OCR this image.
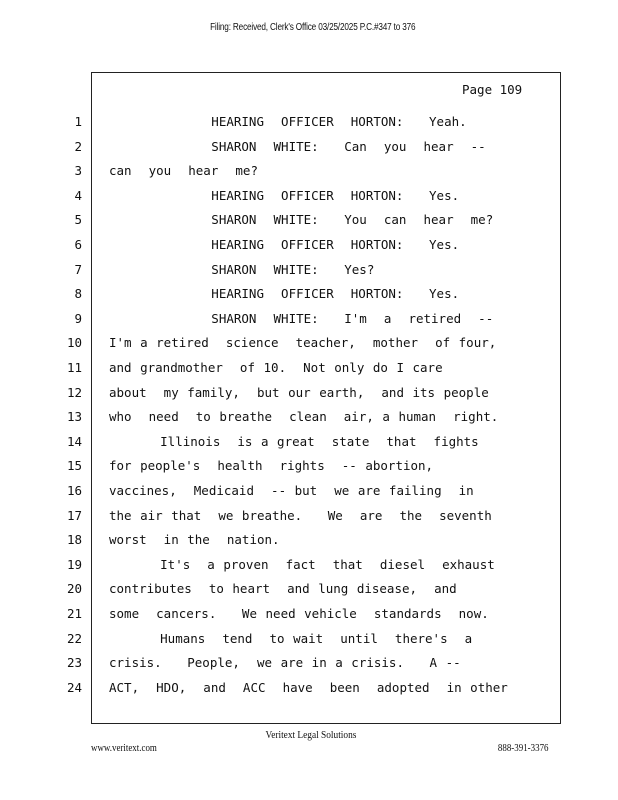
Filing: Received, Clerk's Office 03/25/2025 P.C.#347 to 376
Page 109
1 HEARING  OFFICER  HORTON:   Yeah.
2 SHARON  WHITE:   Can  you  hear  --
3 can  you  hear  me?
4 HEARING  OFFICER  HORTON:   Yes.
5 SHARON  WHITE:   You  can  hear  me?
6 HEARING  OFFICER  HORTON:   Yes.
7 SHARON  WHITE:   Yes?
8 HEARING  OFFICER  HORTON:   Yes.
9 SHARON  WHITE:   I'm  a  retired  --
10 I'm a retired  science  teacher,  mother  of four,
11 and grandmother  of 10.  Not only do I care
12 about  my family,  but our earth,  and its people
13 who  need  to breathe  clean  air, a human  right.
14 Illinois  is a great  state  that  fights
15 for people's  health  rights  -- abortion,
16 vaccines,  Medicaid  -- but  we are failing  in
17 the air that  we breathe.   We  are  the  seventh
18 worst  in the  nation.
19 It's  a proven  fact  that  diesel  exhaust
20 contributes  to heart  and lung disease,  and
21 some  cancers.   We need vehicle  standards  now.
22 Humans  tend  to wait  until  there's  a
23 crisis.   People,  we are in a crisis.   A --
24 ACT,  HDO,  and  ACC  have  been  adopted  in other
Veritext Legal Solutions
www.veritext.com	888-391-3376
